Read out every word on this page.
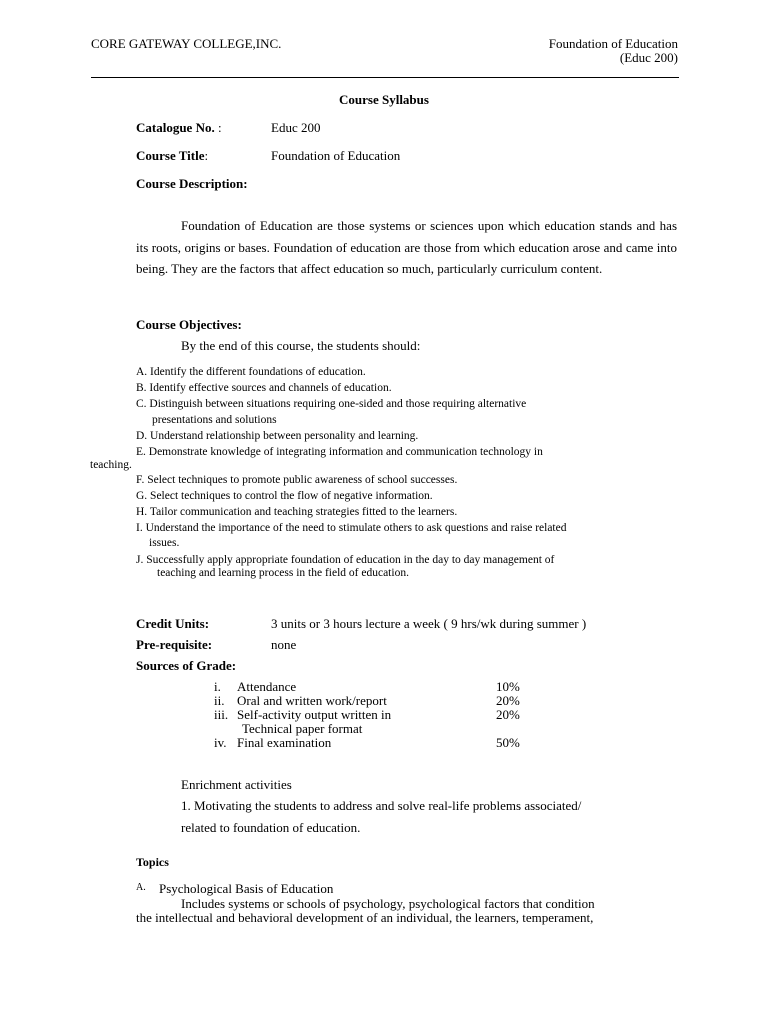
CORE GATEWAY COLLEGE,INC.	Foundation of Education
(Educ 200)
Course Syllabus
Catalogue No. :	Educ 200
Course Title:	Foundation of Education
Course Description:
Foundation of Education are those systems or sciences upon which education stands and has its roots, origins or bases. Foundation of education are those from which education arose and came into being. They are the factors that affect education so much, particularly curriculum content.
Course Objectives:
By the end of this course, the students should:
A. Identify the different foundations of education.
B. Identify effective sources and channels of education.
C. Distinguish between situations requiring one-sided and those requiring alternative
presentations and solutions
D. Understand relationship between personality and learning.
E. Demonstrate knowledge of integrating information and communication technology in
teaching.
F. Select techniques to promote public awareness of school successes.
G. Select techniques to control the flow of negative information.
H. Tailor communication and teaching strategies fitted to the learners.
I. Understand the importance of the need to stimulate others to ask questions and raise related
issues.
J. Successfully apply appropriate foundation of education in the day to day management of
teaching and learning process in the field of education.
Credit Units:	3 units or 3 hours lecture a week ( 9 hrs/wk during summer )
Pre-requisite:	none
Sources of Grade:
i. Attendance	10%
ii. Oral and written work/report	20%
iii. Self-activity output written in	20%
Technical paper format
iv. Final examination	50%
Enrichment activities
1. Motivating the students to address and solve real-life problems associated/
related to foundation of education.
Topics
A. Psychological Basis of Education
Includes systems or schools of psychology, psychological factors that condition
the intellectual and behavioral development of an individual, the learners, temperament,
